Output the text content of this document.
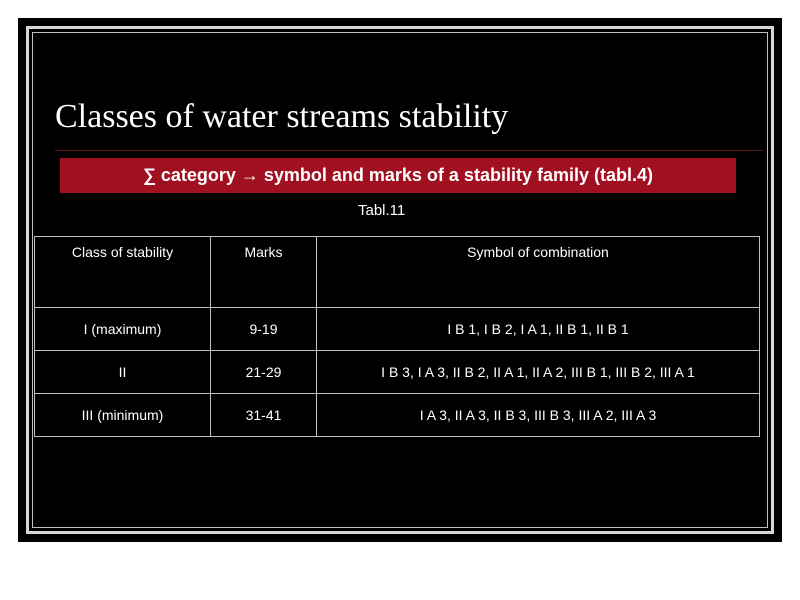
Classes of water streams stability
∑ category → symbol and marks of a stability family (tabl.4)
Tabl.11
Class of stability	Marks	Symbol of combination
I (maximum)	9-19	I B 1, I B 2, I A 1, II B 1, II B 1
II	21-29	I B 3, I A 3, II B 2, II A 1, II A 2, III B 1, III B 2, III A 1
III (minimum)	31-41	I A 3, II A 3, II B 3, III B 3, III A 2, III A 3
